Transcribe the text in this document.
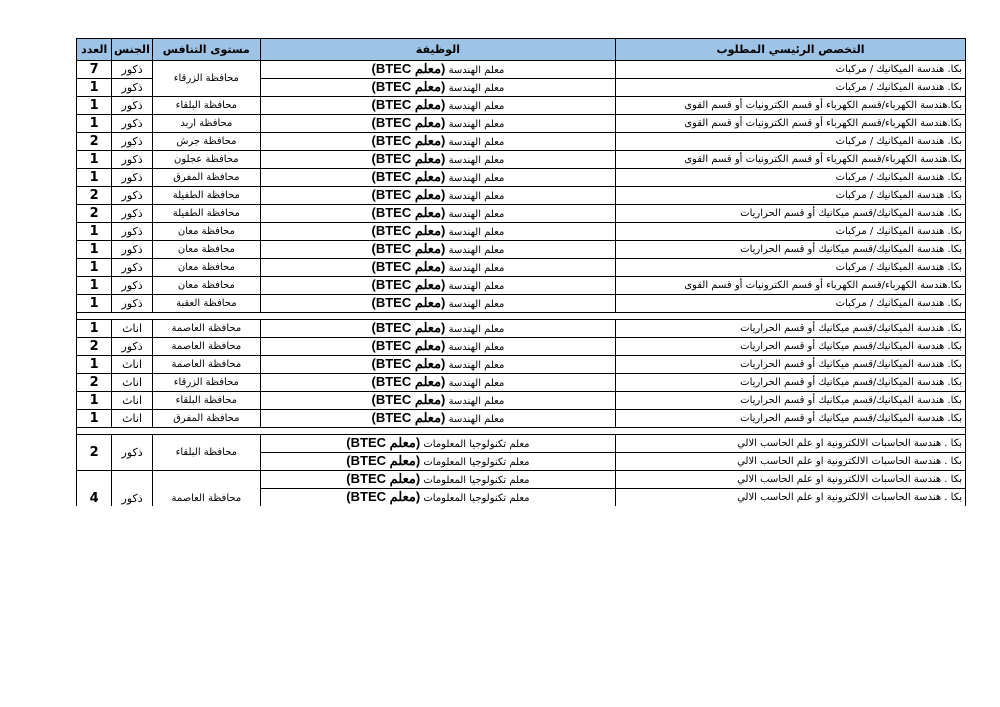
التخصص الرئيسي المطلوب	الوظيفة	مستوى التنافس	الجنس	العدد
بكا. هندسة الميكانيك / مركبات	معلم الهندسة (معلم BTEC)	محافظة الزرقاء	ذكور	7
بكا. هندسة الميكانيك / مركبات	معلم الهندسة (معلم BTEC)		ذكور	1
بكا.هندسة الكهرباء/قسم الكهرباء أو قسم الكترونيات أو قسم القوى	معلم الهندسة (معلم BTEC)	محافظة البلقاء	ذكور	1
بكا.هندسة الكهرباء/قسم الكهرباء أو قسم الكترونيات أو قسم القوى	معلم الهندسة (معلم BTEC)	محافظة اربد	ذكور	1
بكا. هندسة الميكانيك / مركبات	معلم الهندسة (معلم BTEC)	محافظة جرش	ذكور	2
بكا.هندسة الكهرباء/قسم الكهرباء أو قسم الكترونيات أو قسم القوى	معلم الهندسة (معلم BTEC)	محافظة عجلون	ذكور	1
بكا. هندسة الميكانيك / مركبات	معلم الهندسة (معلم BTEC)	محافظة المفرق	ذكور	1
بكا. هندسة الميكانيك / مركبات	معلم الهندسة (معلم BTEC)	محافظة الطفيلة	ذكور	2
بكا. هندسة الميكانيك/قسم ميكانيك أو قسم الحراريات	معلم الهندسة (معلم BTEC)	محافظة الطفيلة	ذكور	2
بكا. هندسة الميكانيك / مركبات	معلم الهندسة (معلم BTEC)	محافظة معان	ذكور	1
بكا. هندسة الميكانيك/قسم ميكانيك أو قسم الحراريات	معلم الهندسة (معلم BTEC)	محافظة معان	ذكور	1
بكا. هندسة الميكانيك / مركبات	معلم الهندسة (معلم BTEC)	محافظة معان	ذكور	1
بكا.هندسة الكهرباء/قسم الكهرباء أو قسم الكترونيات أو قسم القوى	معلم الهندسة (معلم BTEC)	محافظة معان	ذكور	1
بكا. هندسة الميكانيك / مركبات	معلم الهندسة (معلم BTEC)	محافظة العقبة	ذكور	1

بكا. هندسة الميكانيك/قسم ميكانيك أو قسم الحراريات	معلم الهندسة (معلم BTEC)	محافظة العاصمة	اناث	1
بكا. هندسة الميكانيك/قسم ميكانيك أو قسم الحراريات	معلم الهندسة (معلم BTEC)	محافظة العاصمة	ذكور	2
بكا. هندسة الميكانيك/قسم ميكانيك أو قسم الحراريات	معلم الهندسة (معلم BTEC)	محافظة العاصمة	اناث	1
بكا. هندسة الميكانيك/قسم ميكانيك أو قسم الحراريات	معلم الهندسة (معلم BTEC)	محافظة الزرقاء	اناث	2
بكا. هندسة الميكانيك/قسم ميكانيك أو قسم الحراريات	معلم الهندسة (معلم BTEC)	محافظة البلقاء	اناث	1
بكا. هندسة الميكانيك/قسم ميكانيك أو قسم الحراريات	معلم الهندسة (معلم BTEC)	محافظة المفرق	اناث	1

بكا . هندسة الحاسبات الالكترونية او علم الحاسب الالي	معلم تكنولوجيا المعلومات (معلم BTEC)	محافظة البلقاء	ذكور	2
بكا . هندسة الحاسبات الالكترونية او علم الحاسب الالي	معلم تكنولوجيا المعلومات (معلم BTEC)			
بكا . هندسة الحاسبات الالكترونية او علم الحاسب الالي	معلم تكنولوجيا المعلومات (معلم BTEC)	محافظة العاصمة	ذكور	4
بكا . هندسة الحاسبات الالكترونية او علم الحاسب الالي	معلم تكنولوجيا المعلومات (معلم BTEC)			
